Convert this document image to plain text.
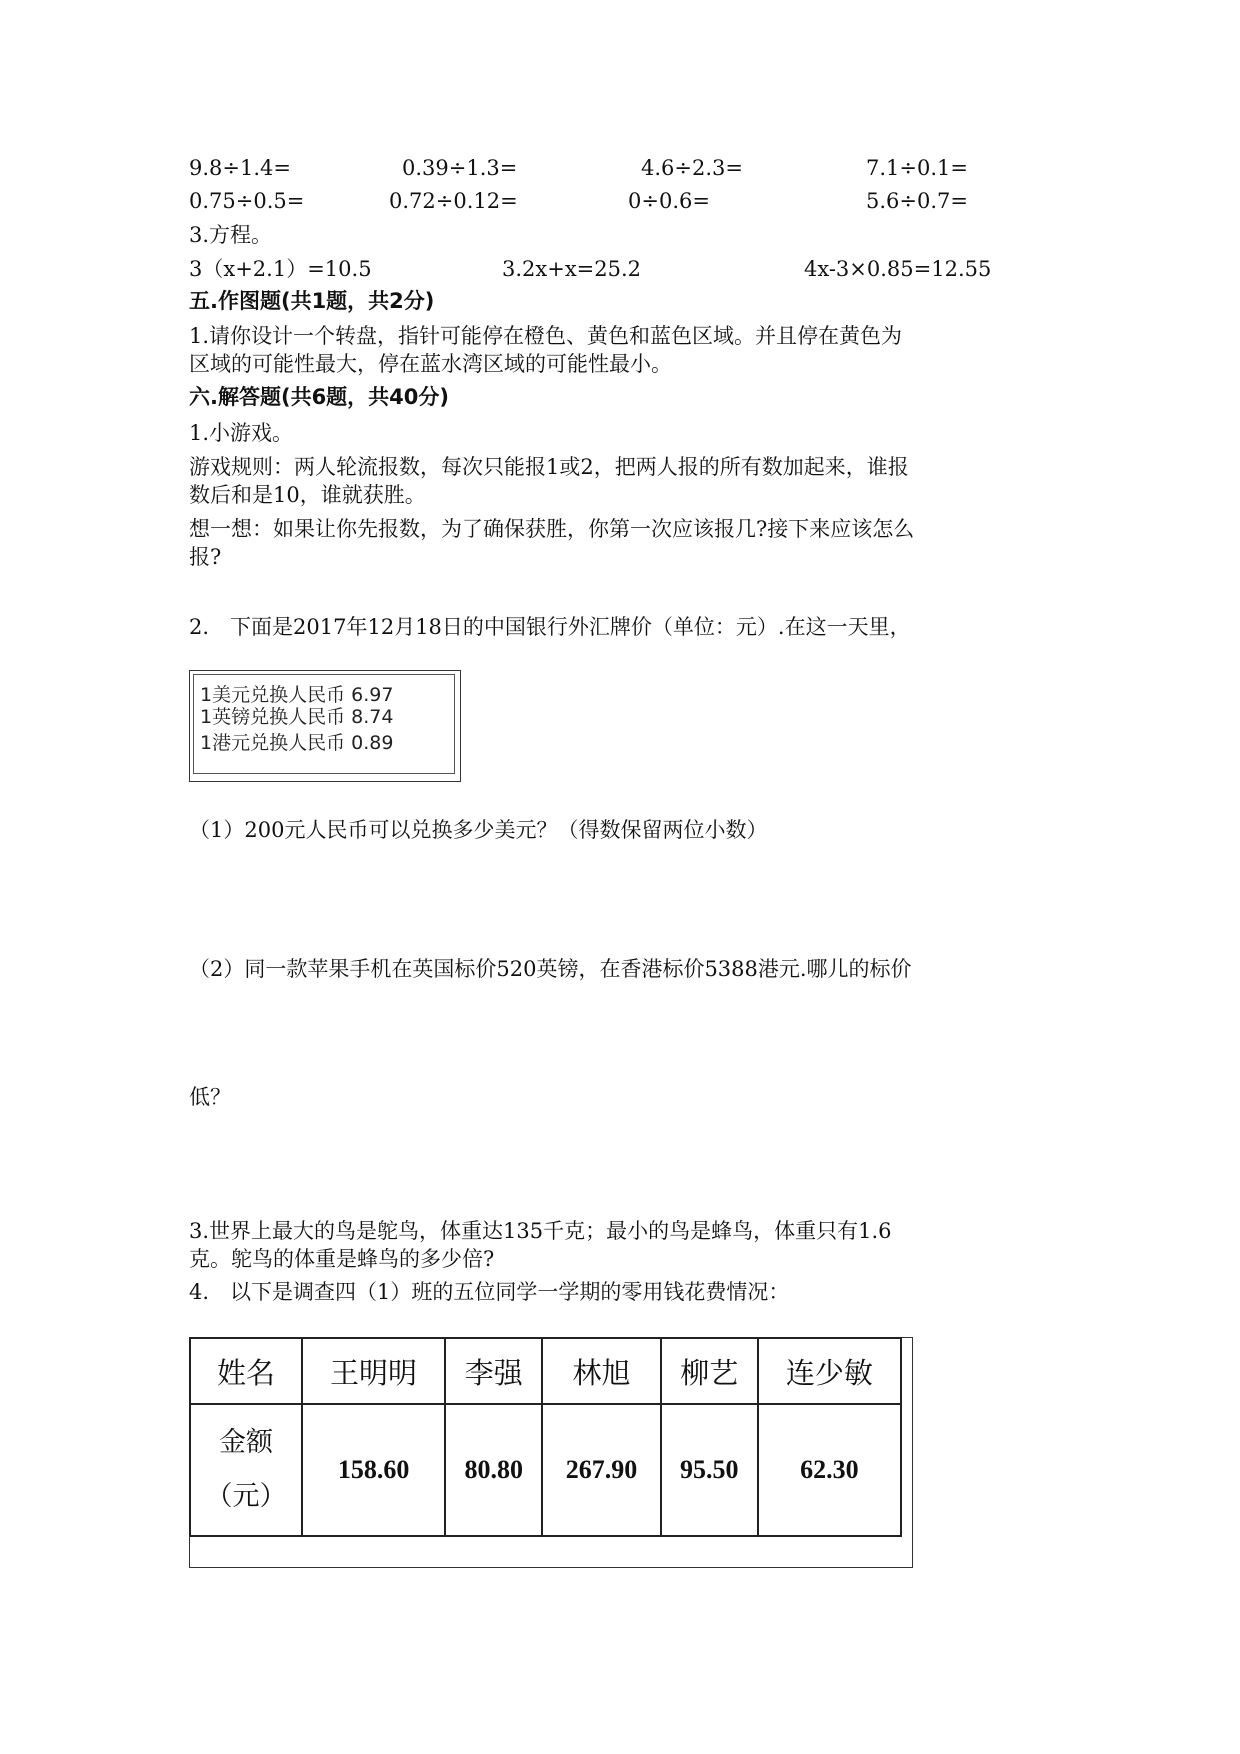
9.8÷1.4=	0.39÷1.3=	4.6÷2.3=	7.1÷0.1=
0.75÷0.5=	0.72÷0.12=	0÷0.6=	5.6÷0.7=
3.方程。
3（x+2.1）=10.5	3.2x+x=25.2	4x-3×0.85=12.55
五.作图题(共1题，共2分)
1.请你设计一个转盘，指针可能停在橙色、黄色和蓝色区域。并且停在黄色为
区域的可能性最大，停在蓝水湾区域的可能性最小。
六.解答题(共6题，共40分)
1.小游戏。
游戏规则：两人轮流报数，每次只能报1或2，把两人报的所有数加起来，谁报
数后和是10，谁就获胜。
想一想：如果让你先报数，为了确保获胜，你第一次应该报几?接下来应该怎么
报?
2.　下面是2017年12月18日的中国银行外汇牌价（单位：元）.在这一天里，
1美元兑换人民币 6.97
1英镑兑换人民币 8.74
1港元兑换人民币 0.89
（1）200元人民币可以兑换多少美元？（得数保留两位小数）
（2）同一款苹果手机在英国标价520英镑，在香港标价5388港元.哪儿的标价
低？
3.世界上最大的鸟是鸵鸟，体重达135千克；最小的鸟是蜂鸟，体重只有1.6
克。鸵鸟的体重是蜂鸟的多少倍?
4.　以下是调查四（1）班的五位同学一学期的零用钱花费情况：
姓名	王明明	李强	林旭	柳艺	连少敏

金额
（元）	158.60	80.80	267.90	95.50	62.30
